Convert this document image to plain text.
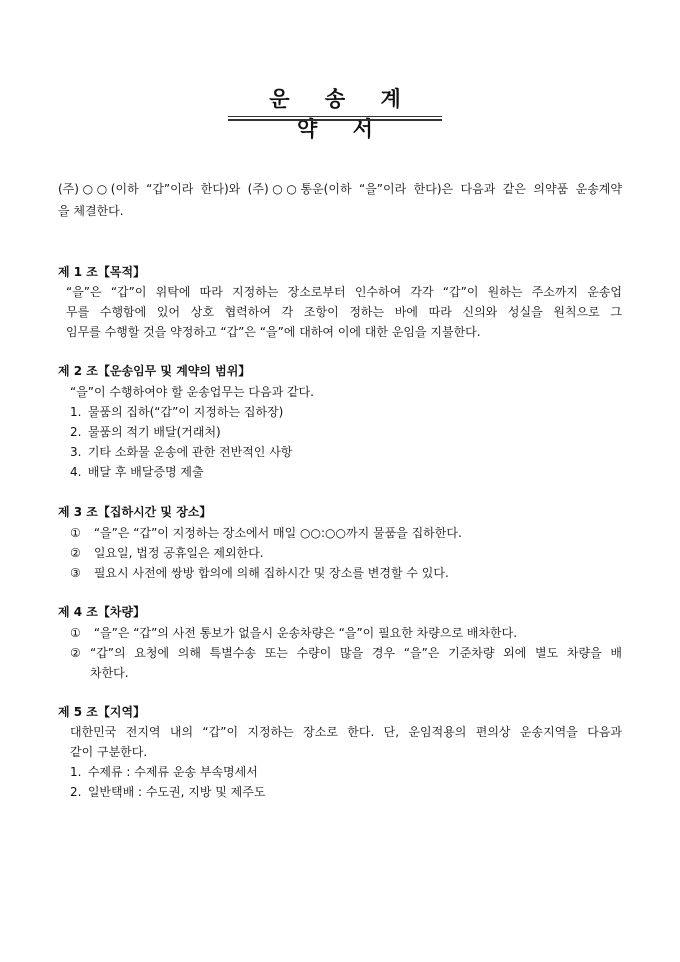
운 송 계 약 서
(주)○○(이하 “갑”이라 한다)와 (주)○○통운(이하 “을”이라 한다)은 다음과 같은 의약품 운송계약
을 체결한다.
제 1 조【목적】
“을”은 “갑”이 위탁에 따라 지정하는 장소로부터 인수하여 각각 “갑”이 원하는 주소까지 운송업
무를 수행함에 있어 상호 협력하여 각 조항이 정하는 바에 따라 신의와 성실을 원칙으로 그
임무를 수행할 것을 약정하고 “갑”은 “을”에 대하여 이에 대한 운임을 지불한다.
제 2 조【운송임무 및 계약의 범위】
“을”이 수행하여야 할 운송업무는 다음과 같다.
1. 물품의 집하(“갑”이 지정하는 집하장)
2. 물품의 적기 배달(거래처)
3. 기타 소화물 운송에 관한 전반적인 사항
4. 배달 후 배달증명 제출
제 3 조【집하시간 및 장소】
① “을”은 “갑”이 지정하는 장소에서 매일 ○○:○○까지 물품을 집하한다.
② 일요일, 법정 공휴일은 제외한다.
③ 필요시 사전에 쌍방 합의에 의해 집하시간 및 장소를 변경할 수 있다.
제 4 조【차량】
① “을”은 “갑”의 사전 통보가 없을시 운송차량은 “을”이 필요한 차량으로 배차한다.
② “갑”의 요청에 의해 특별수송 또는 수량이 많을 경우 “을”은 기준차량 외에 별도 차량을 배
차한다.
제 5 조【지역】
대한민국 전지역 내의 “갑”이 지정하는 장소로 한다. 단, 운임적용의 편의상 운송지역을 다음과
같이 구분한다.
1. 수제류 : 수제류 운송 부속명세서
2. 일반택배 : 수도권, 지방 및 제주도
